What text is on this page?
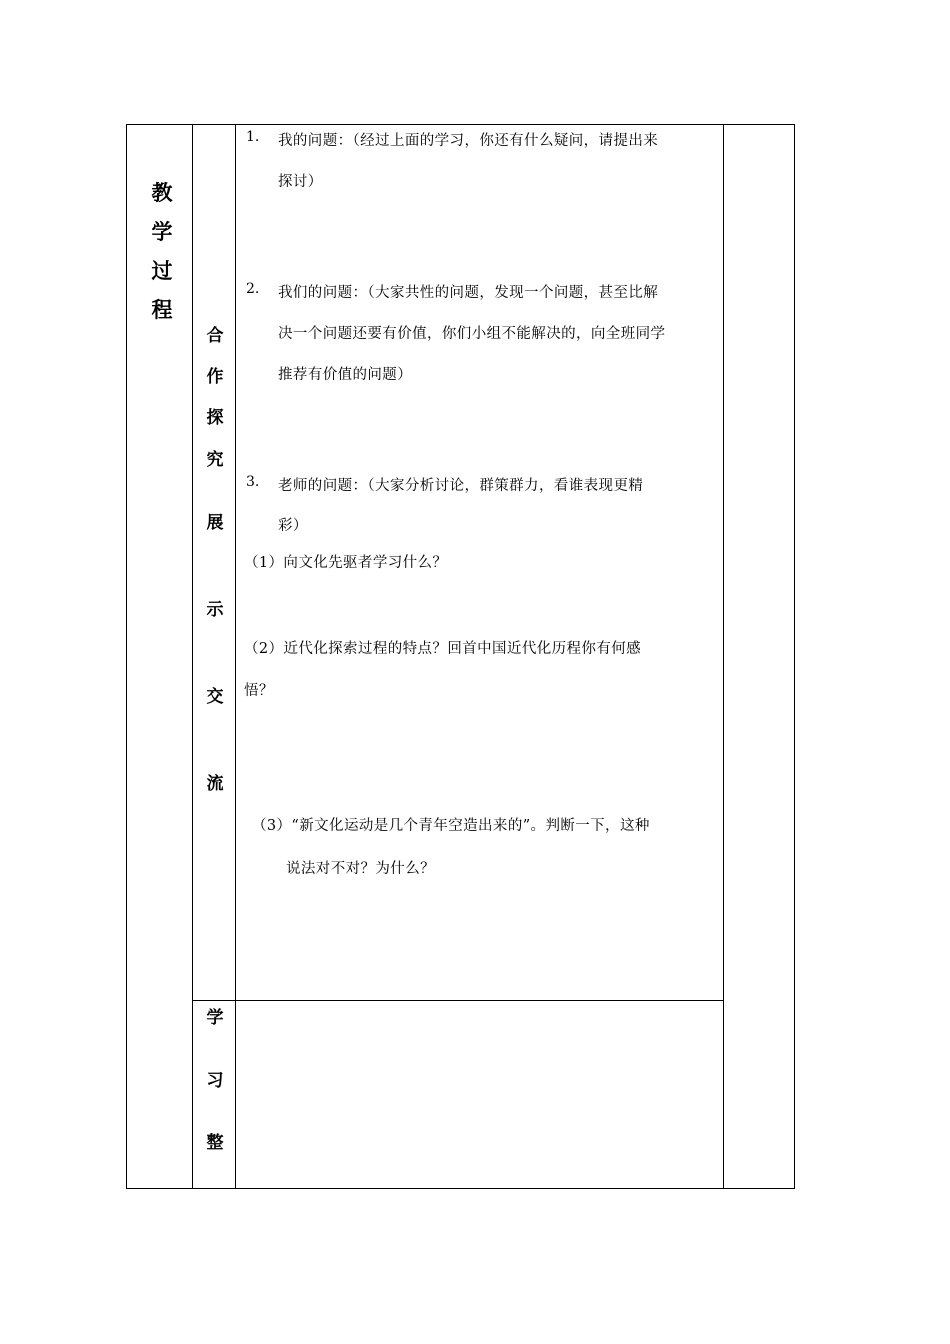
教
学
过
程
合
作
探
究
展
示
交
流
学
习
整
1. 我的问题：（经过上面的学习，你还有什么疑问，请提出来
探讨）
2. 我们的问题：（大家共性的问题，发现一个问题，甚至比解
决一个问题还要有价值，你们小组不能解决的，向全班同学
推荐有价值的问题）
3. 老师的问题：（大家分析讨论，群策群力，看谁表现更精
彩）
（1）向文化先驱者学习什么？
（2）近代化探索过程的特点？回首中国近代化历程你有何感
悟？
（3）“新文化运动是几个青年空造出来的”。判断一下，这种
说法对不对？为什么？
